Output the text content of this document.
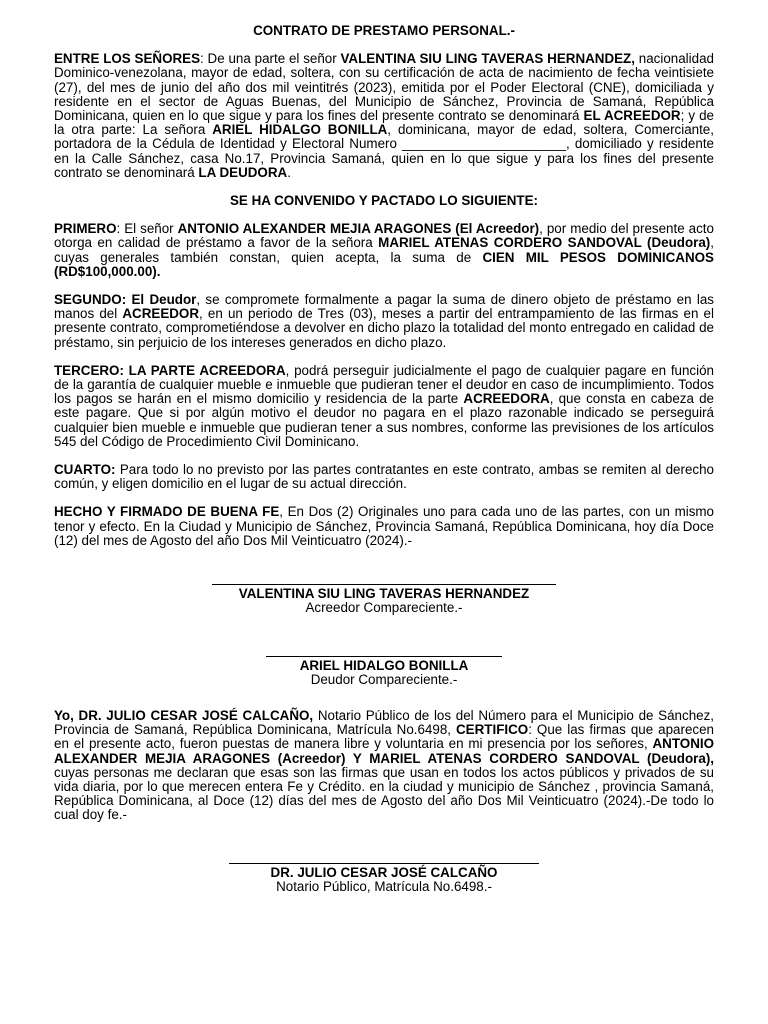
CONTRATO DE PRESTAMO PERSONAL.-
ENTRE LOS SEÑORES: De una parte el señor VALENTINA SIU LING TAVERAS HERNANDEZ, nacionalidad Dominico-venezolana, mayor de edad, soltera, con su certificación de acta de nacimiento de fecha veintisiete (27), del mes de junio del año dos mil veintitrés (2023), emitida por el Poder Electoral (CNE), domiciliada y residente en el sector de Aguas Buenas, del Municipio de Sánchez, Provincia de Samaná, República Dominicana, quien en lo que sigue y para los fines del presente contrato se denominará EL ACREEDOR; y de la otra parte: La señora ARIEL HIDALGO BONILLA, dominicana, mayor de edad, soltera, Comerciante, portadora de la Cédula de Identidad y Electoral Numero ______________________, domiciliado y residente en la Calle Sánchez, casa No.17, Provincia Samaná, quien en lo que sigue y para los fines del presente contrato se denominará LA DEUDORA.
SE HA CONVENIDO Y PACTADO LO SIGUIENTE:
PRIMERO: El señor ANTONIO ALEXANDER MEJIA ARAGONES (El Acreedor), por medio del presente acto otorga en calidad de préstamo a favor de la señora MARIEL ATENAS CORDERO SANDOVAL (Deudora), cuyas generales también constan, quien acepta, la suma de CIEN MIL PESOS DOMINICANOS (RD$100,000.00).
SEGUNDO: El Deudor, se compromete formalmente a pagar la suma de dinero objeto de préstamo en las manos del ACREEDOR, en un periodo de Tres (03), meses a partir del entrampamiento de las firmas en el presente contrato, comprometiéndose a devolver en dicho plazo la totalidad del monto entregado en calidad de préstamo, sin perjuicio de los intereses generados en dicho plazo.
TERCERO: LA PARTE ACREEDORA, podrá perseguir judicialmente el pago de cualquier pagare en función de la garantía de cualquier mueble e inmueble que pudieran tener el deudor en caso de incumplimiento. Todos los pagos se harán en el mismo domicilio y residencia de la parte ACREEDORA, que consta en cabeza de este pagare. Que si por algún motivo el deudor no pagara en el plazo razonable indicado se perseguirá cualquier bien mueble e inmueble que pudieran tener a sus nombres, conforme las previsiones de los artículos 545 del Código de Procedimiento Civil Dominicano.
CUARTO: Para todo lo no previsto por las partes contratantes en este contrato, ambas se remiten al derecho común, y eligen domicilio en el lugar de su actual dirección.
HECHO Y FIRMADO DE BUENA FE, En Dos (2) Originales uno para cada uno de las partes, con un mismo tenor y efecto. En la Ciudad y Municipio de Sánchez, Provincia Samaná, República Dominicana, hoy día Doce (12) del mes de Agosto del año Dos Mil Veinticuatro (2024).-
VALENTINA SIU LING TAVERAS HERNANDEZ
Acreedor Compareciente.-
ARIEL HIDALGO BONILLA
Deudor Compareciente.-
Yo, DR. JULIO CESAR JOSÉ CALCAÑO, Notario Público de los del Número para el Municipio de Sánchez, Provincia de Samaná, República Dominicana, Matrícula No.6498, CERTIFICO: Que las firmas que aparecen en el presente acto, fueron puestas de manera libre y voluntaria en mi presencia por los señores, ANTONIO ALEXANDER MEJIA ARAGONES (Acreedor) Y MARIEL ATENAS CORDERO SANDOVAL (Deudora), cuyas personas me declaran que esas son las firmas que usan en todos los actos públicos y privados de su vida diaria, por lo que merecen entera Fe y Crédito. en la ciudad y municipio de Sánchez , provincia Samaná, República Dominicana, al Doce (12) días del mes de Agosto del año Dos Mil Veinticuatro (2024).-De todo lo cual doy fe.-
DR. JULIO CESAR JOSÉ CALCAÑO
Notario Público, Matrícula No.6498.-
